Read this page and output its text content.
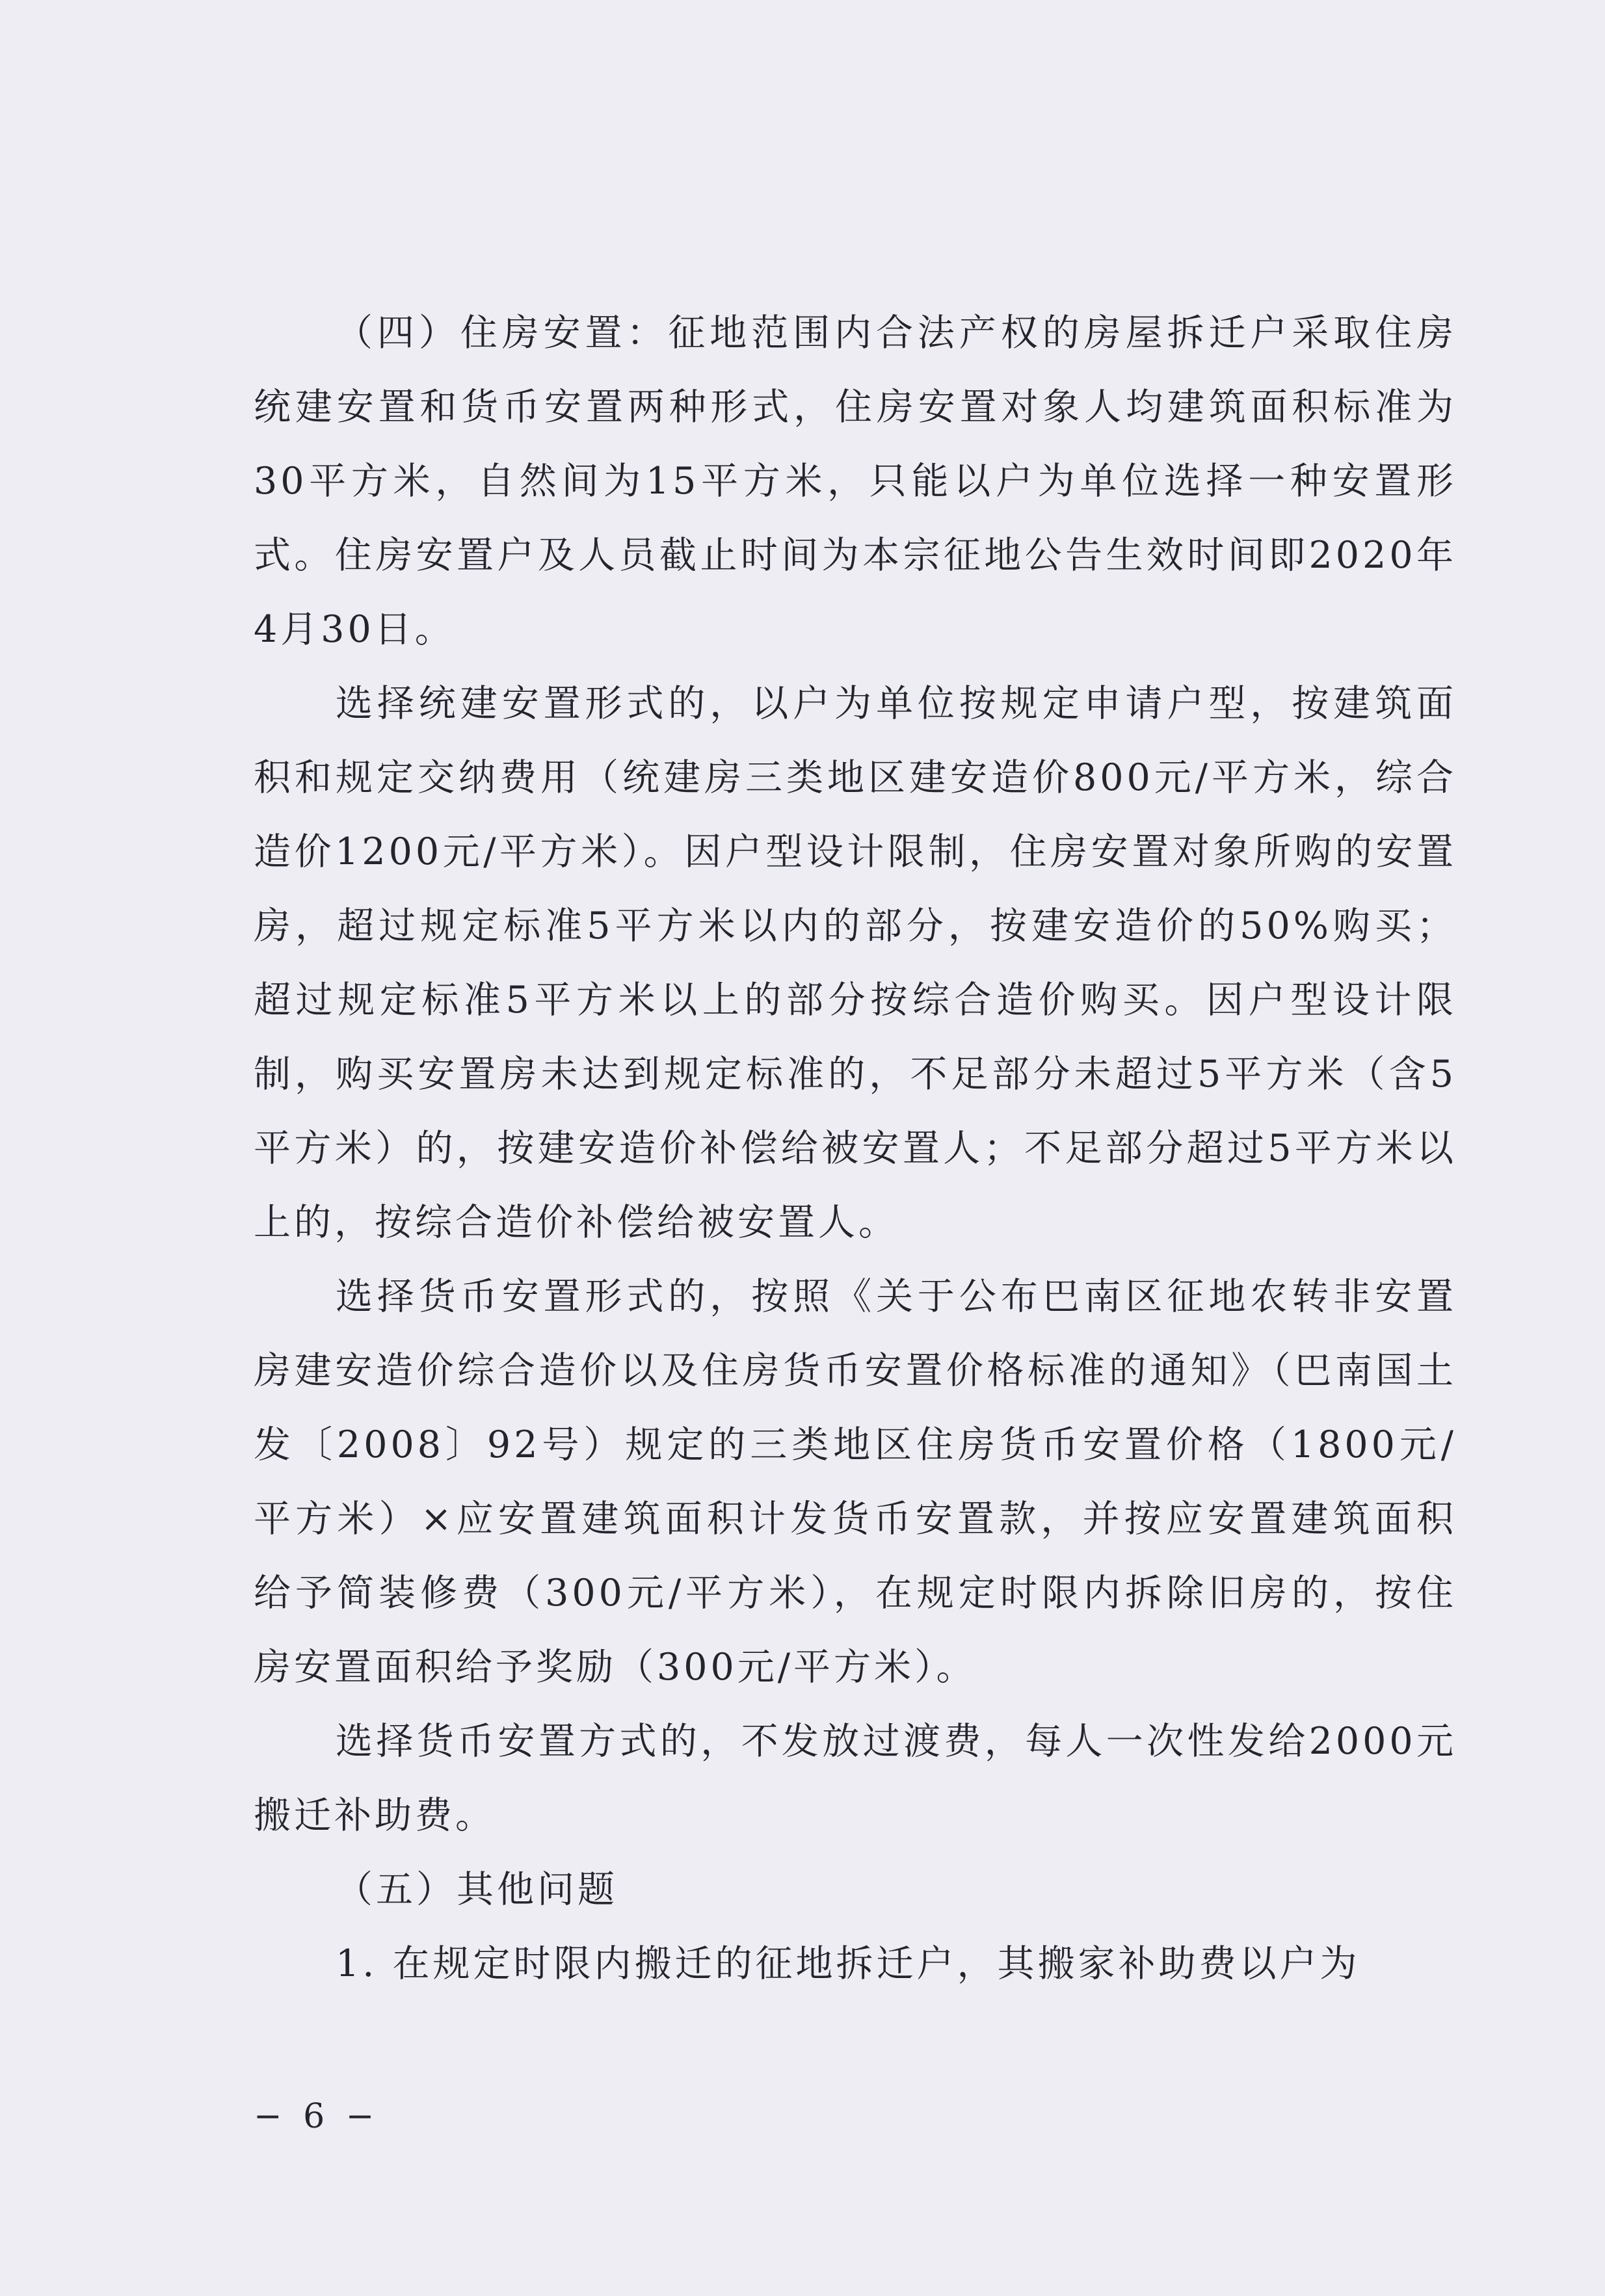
（四）住房安置：征地范围内合法产权的房屋拆迁户采取住房统建安置和货币安置两种形式，住房安置对象人均建筑面积标准为30平方米，自然间为15平方米，只能以户为单位选择一种安置形式。住房安置户及人员截止时间为本宗征地公告生效时间即2020年4月30日。

选择统建安置形式的，以户为单位按规定申请户型，按建筑面积和规定交纳费用（统建房三类地区建安造价800元/平方米，综合造价1200元/平方米）。因户型设计限制，住房安置对象所购的安置房，超过规定标准5平方米以内的部分，按建安造价的50%购买；超过规定标准5平方米以上的部分按综合造价购买。因户型设计限制，购买安置房未达到规定标准的，不足部分未超过5平方米（含5平方米）的，按建安造价补偿给被安置人；不足部分超过5平方米以上的，按综合造价补偿给被安置人。

选择货币安置形式的，按照《关于公布巴南区征地农转非安置房建安造价综合造价以及住房货币安置价格标准的通知》（巴南国土发〔2008〕92号）规定的三类地区住房货币安置价格（1800元/平方米）×应安置建筑面积计发货币安置款，并按应安置建筑面积给予简装修费（300元/平方米），在规定时限内拆除旧房的，按住房安置面积给予奖励（300元/平方米）。

选择货币安置方式的，不发放过渡费，每人一次性发给2000元搬迁补助费。

（五）其他问题

1. 在规定时限内搬迁的征地拆迁户，其搬家补助费以户为

− 6 −
